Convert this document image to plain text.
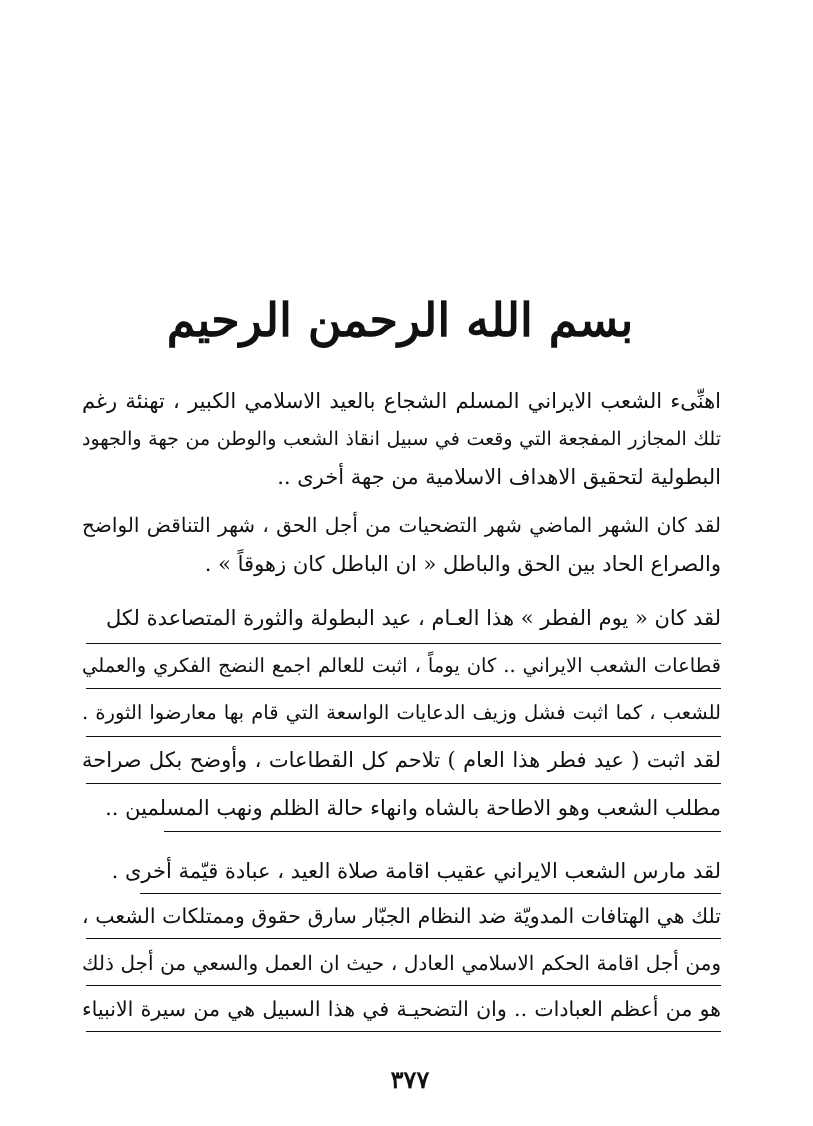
بسم الله الرحمن الرحيم
اهنِّىء الشعب الايراني المسلم الشجاع بالعيد الاسلامي الكبير ، تهنئة رغم
تلك المجازر المفجعة التي وقعت في سبيل انقاذ الشعب والوطن من جهة والجهود
البطولية لتحقيق الاهداف الاسلامية من جهة أخرى ..
لقد كان الشهر الماضي شهر التضحيات من أجل الحق ، شهر التناقض الواضح
والصراع الحاد بين الحق والباطل « ان الباطل كان زهوقاً » .
لقد كان « يوم الفطر » هذا العـام ، عيد البطولة والثورة المتصاعدة لكل
قطاعات الشعب الايراني .. كان يوماً ، اثبت للعالم اجمع النضج الفكري والعملي
للشعب ، كما اثبت فشل وزيف الدعايات الواسعة التي قام بها معارضوا الثورة .
لقد اثبت ( عيد فطر هذا العام ) تلاحم كل القطاعات ، وأوضح بكل صراحة
مطلب الشعب وهو الاطاحة بالشاه وانهاء حالة الظلم ونهب المسلمين ..
لقد مارس الشعب الايراني عقيب اقامة صلاة العيد ، عبادة قيّمة أخرى .
تلك هي الهتافات المدويّة ضد النظام الجبّار سارق حقوق وممتلكات الشعب ،
ومن أجل اقامة الحكم الاسلامي العادل ، حيث ان العمل والسعي من أجل ذلك
هو من أعظم العبادات .. وان التضحيـة في هذا السبيل هي من سيرة الانبياء
٣٧٧
